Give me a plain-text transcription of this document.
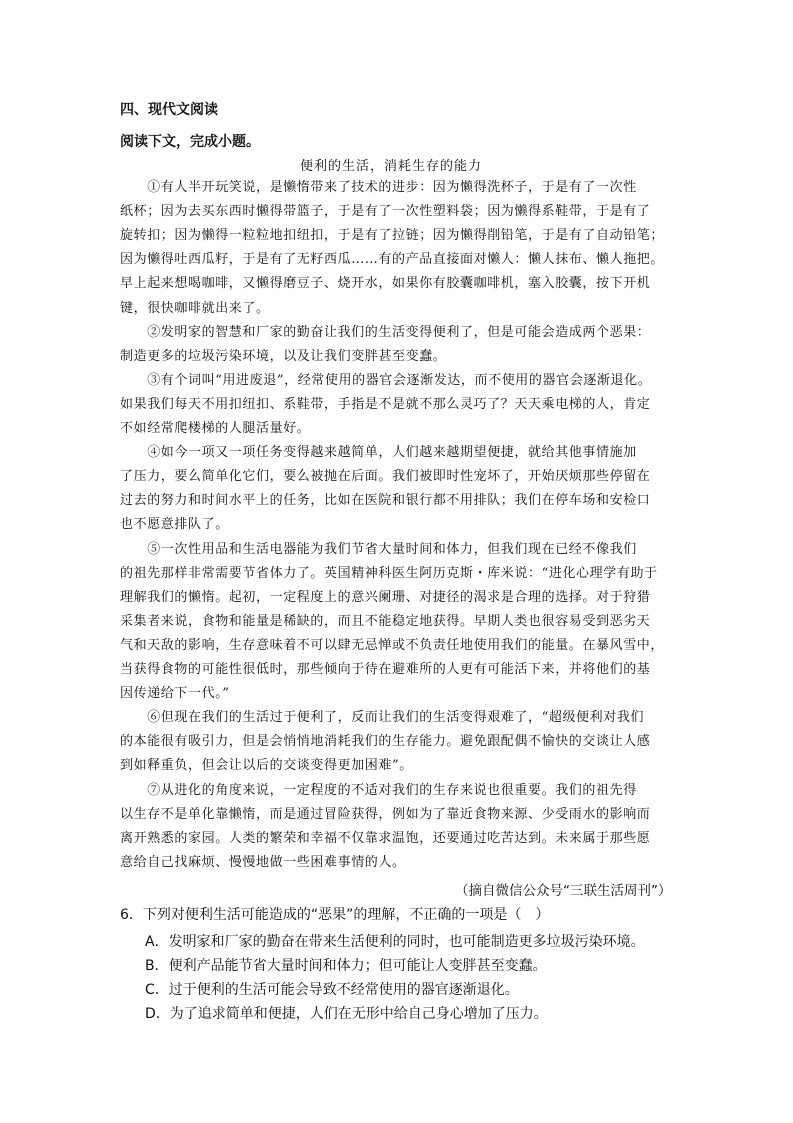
四、现代文阅读
阅读下文，完成小题。
便利的生活，消耗生存的能力
　　①有人半开玩笑说，是懒惰带来了技术的进步：因为懒得洗杯子，于是有了一次性
纸杯；因为去买东西时懒得带篮子，于是有了一次性塑料袋；因为懒得系鞋带，于是有了
旋转扣；因为懒得一粒粒地扣纽扣，于是有了拉链；因为懒得削铅笔，于是有了自动铅笔；
因为懒得吐西瓜籽，于是有了无籽西瓜……有的产品直接面对懒人：懒人抹布、懒人拖把。
早上起来想喝咖啡，又懒得磨豆子、烧开水，如果你有胶囊咖啡机，塞入胶囊，按下开机
键，很快咖啡就出来了。
　　②发明家的智慧和厂家的勤奋让我们的生活变得便利了，但是可能会造成两个恶果：
制造更多的垃圾污染环境，以及让我们变胖甚至变蠢。
　　③有个词叫“用进废退”，经常使用的器官会逐渐发达，而不使用的器官会逐渐退化。
如果我们每天不用扣纽扣、系鞋带，手指是不是就不那么灵巧了？天天乘电梯的人，肯定
不如经常爬楼梯的人腿活量好。
　　④如今一项又一项任务变得越来越简单，人们越来越期望便捷，就给其他事情施加
了压力，要么简单化它们，要么被抛在后面。我们被即时性宠坏了，开始厌烦那些停留在
过去的努力和时间水平上的任务，比如在医院和银行都不用排队；我们在停车场和安检口
也不愿意排队了。
　　⑤一次性用品和生活电器能为我们节省大量时间和体力，但我们现在已经不像我们
的祖先那样非常需要节省体力了。英国精神科医生阿历克斯・库米说：“进化心理学有助于
理解我们的懒惰。起初，一定程度上的意兴阑珊、对捷径的渴求是合理的选择。对于狩猎
采集者来说，食物和能量是稀缺的，而且不能稳定地获得。早期人类也很容易受到恶劣天
气和天敌的影响，生存意味着不可以肆无忌惮或不负责任地使用我们的能量。在暴风雪中，
当获得食物的可能性很低时，那些倾向于待在避难所的人更有可能活下来，并将他们的基
因传递给下一代。”
　　⑥但现在我们的生活过于便利了，反而让我们的生活变得艰难了，“超级便利对我们
的本能很有吸引力，但是会悄悄地消耗我们的生存能力。避免跟配偶不愉快的交谈让人感
到如释重负，但会让以后的交谈变得更加困难”。
　　⑦从进化的角度来说，一定程度的不适对我们的生存来说也很重要。我们的祖先得
以生存不是单化靠懒惰，而是通过冒险获得，例如为了靠近食物来源、少受雨水的影响而
离开熟悉的家园。人类的繁荣和幸福不仅靠求温饱，还要通过吃苦达到。未来属于那些愿
意给自己找麻烦、慢慢地做一些困难事情的人。
（摘自微信公众号“三联生活周刊”）
6．下列对便利生活可能造成的“恶果”的理解，不正确的一项是（　）
A．发明家和厂家的勤奋在带来生活便利的同时，也可能制造更多垃圾污染环境。
B．便利产品能节省大量时间和体力；但可能让人变胖甚至变蠢。
C．过于便利的生活可能会导致不经常使用的器官逐渐退化。
D．为了追求简单和便捷，人们在无形中给自己身心增加了压力。
